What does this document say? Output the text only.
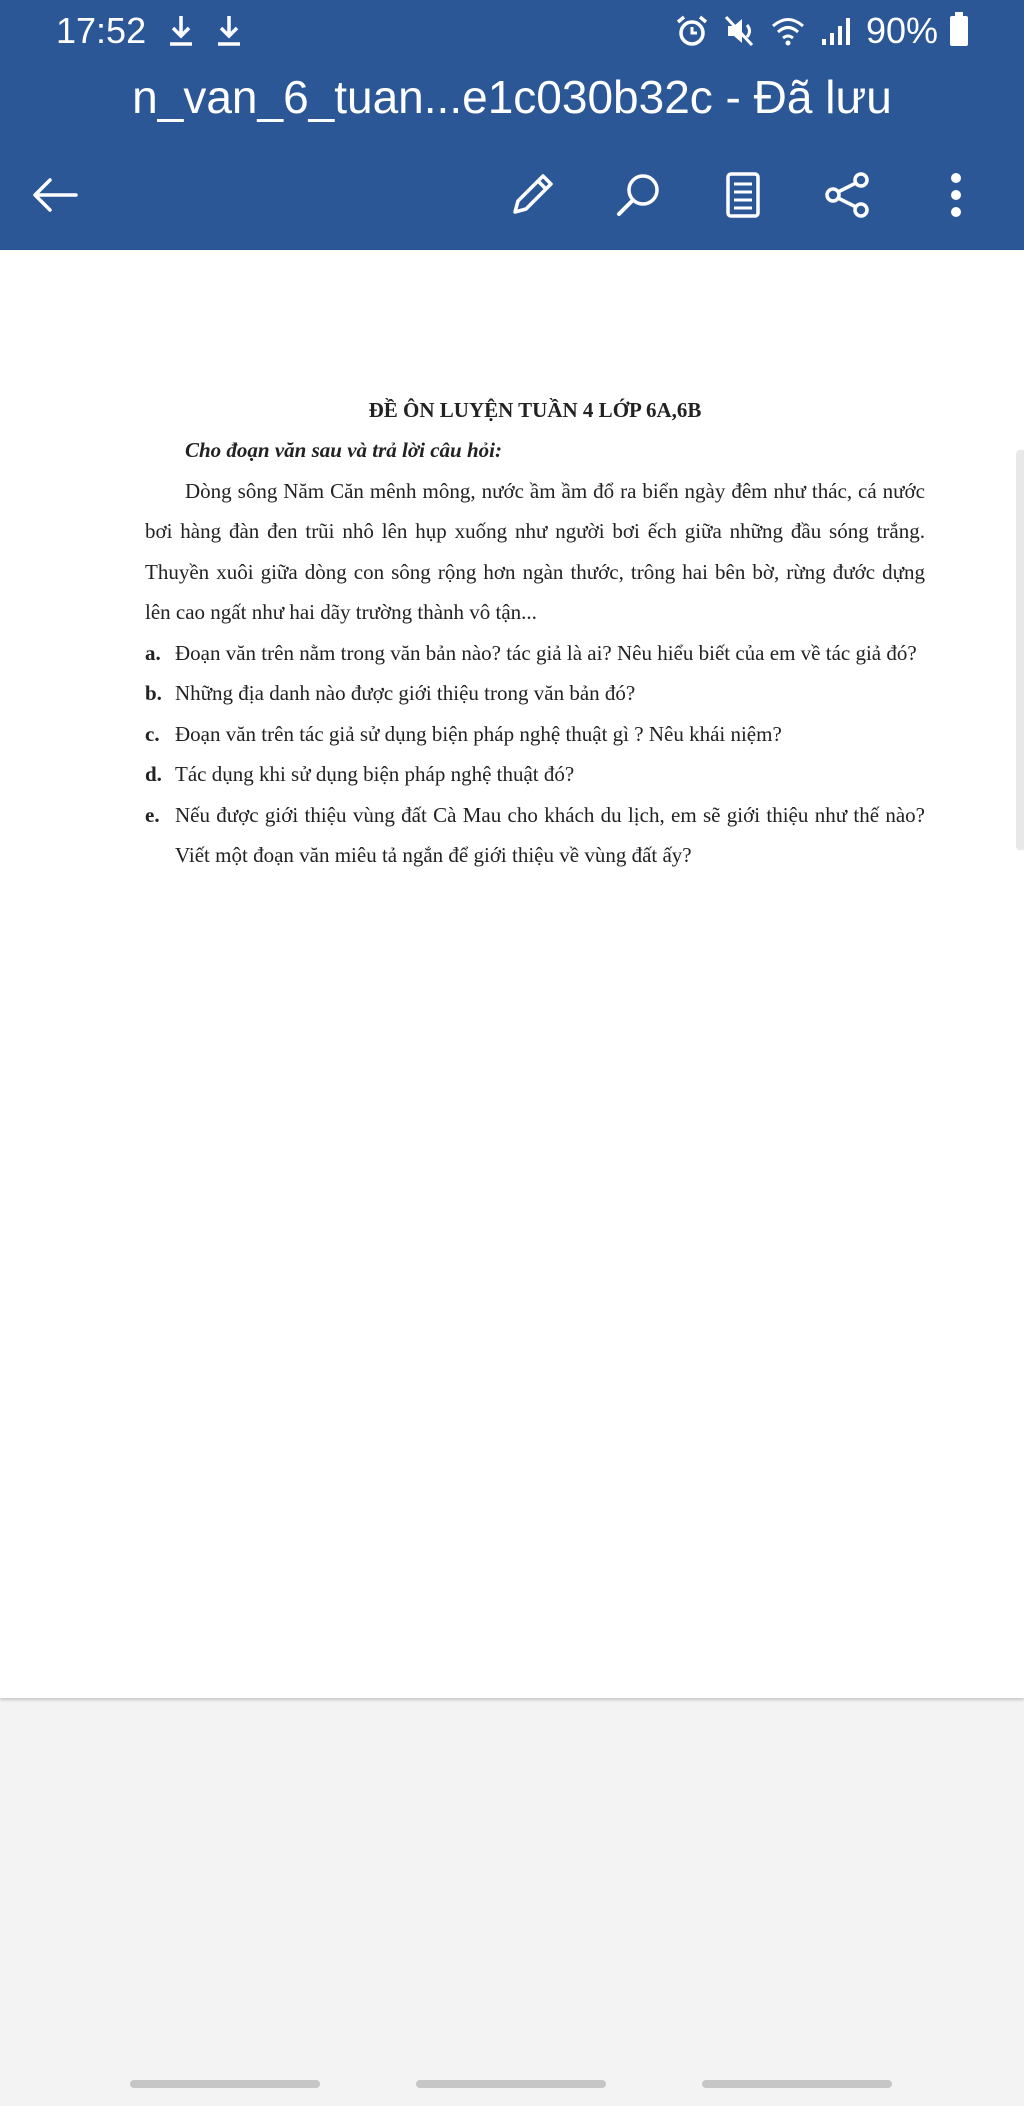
17:52	90%
n_van_6_tuan...e1c030b32c - Đã lưu

ĐỀ ÔN LUYỆN TUẦN 4 LỚP 6A,6B

Cho đoạn văn sau và trả lời câu hỏi:

Dòng sông Năm Căn mênh mông, nước ầm ầm đổ ra biển ngày đêm như thác, cá nước bơi hàng đàn đen trũi nhô lên hụp xuống như người bơi ếch giữa những đầu sóng trắng. Thuyền xuôi giữa dòng con sông rộng hơn ngàn thước, trông hai bên bờ, rừng đước dựng lên cao ngất như hai dãy trường thành vô tận...

a. Đoạn văn trên nằm trong văn bản nào? tác giả là ai? Nêu hiểu biết của em về tác giả đó?
b. Những địa danh nào được giới thiệu trong văn bản đó?
c. Đoạn văn trên tác giả sử dụng biện pháp nghệ thuật gì ? Nêu khái niệm?
d. Tác dụng khi sử dụng biện pháp nghệ thuật đó?
e. Nếu được giới thiệu vùng đất Cà Mau cho khách du lịch, em sẽ giới thiệu như thế nào? Viết một đoạn văn miêu tả ngắn để giới thiệu về vùng đất ấy?
